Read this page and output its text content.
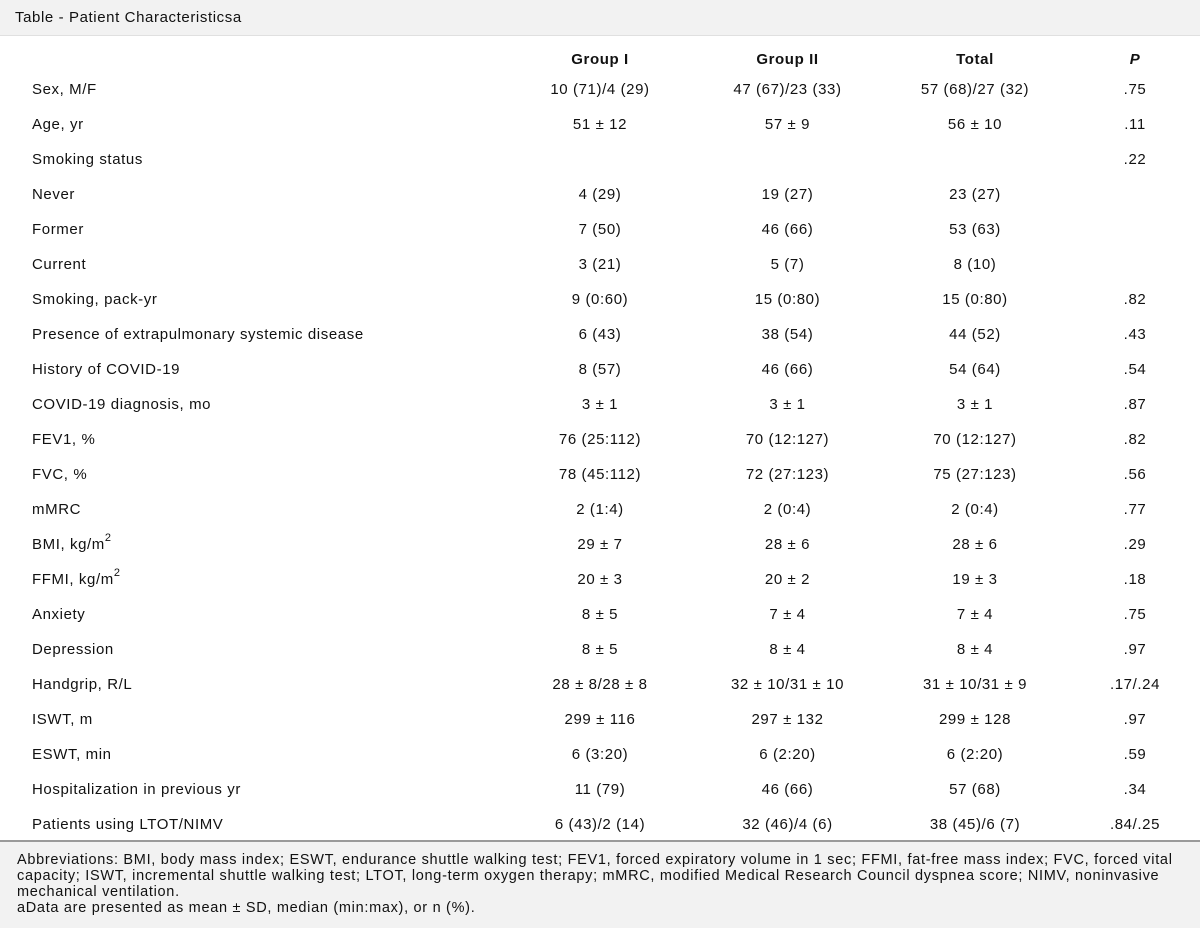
Table - Patient Characteristicsa
	Group I	Group II	Total	P
Sex, M/F	10 (71)/4 (29)	47 (67)/23 (33)	57 (68)/27 (32)	.75
Age, yr	51 ± 12	57 ± 9	56 ± 10	.11
Smoking status				.22
Never	4 (29)	19 (27)	23 (27)	
Former	7 (50)	46 (66)	53 (63)	
Current	3 (21)	5 (7)	8 (10)	
Smoking, pack-yr	9 (0:60)	15 (0:80)	15 (0:80)	.82
Presence of extrapulmonary systemic disease	6 (43)	38 (54)	44 (52)	.43
History of COVID-19	8 (57)	46 (66)	54 (64)	.54
COVID-19 diagnosis, mo	3 ± 1	3 ± 1	3 ± 1	.87
FEV1, %	76 (25:112)	70 (12:127)	70 (12:127)	.82
FVC, %	78 (45:112)	72 (27:123)	75 (27:123)	.56
mMRC	2 (1:4)	2 (0:4)	2 (0:4)	.77
BMI, $kg/m^2$	29 ± 7	28 ± 6	28 ± 6	.29
FFMI, $kg/m^2$	20 ± 3	20 ± 2	19 ± 3	.18
Anxiety	8 ± 5	7 ± 4	7 ± 4	.75
Depression	8 ± 5	8 ± 4	8 ± 4	.97
Handgrip, R/L	28 ± 8/28 ± 8	32 ± 10/31 ± 10	31 ± 10/31 ± 9	.17/.24
ISWT, m	299 ± 116	297 ± 132	299 ± 128	.97
ESWT, min	6 (3:20)	6 (2:20)	6 (2:20)	.59
Hospitalization in previous yr	11 (79)	46 (66)	57 (68)	.34
Patients using LTOT/NIMV	6 (43)/2 (14)	32 (46)/4 (6)	38 (45)/6 (7)	.84/.25

Abbreviations: BMI, body mass index; ESWT, endurance shuttle walking test; FEV1, forced expiratory volume in 1 sec; FFMI, fat-free mass index; FVC, forced vital capacity; ISWT, incremental shuttle walking test; LTOT, long-term oxygen therapy; mMRC, modified Medical Research Council dyspnea score; NIMV, noninvasive mechanical ventilation.

aData are presented as mean ± SD, median (min:max), or n (%).
